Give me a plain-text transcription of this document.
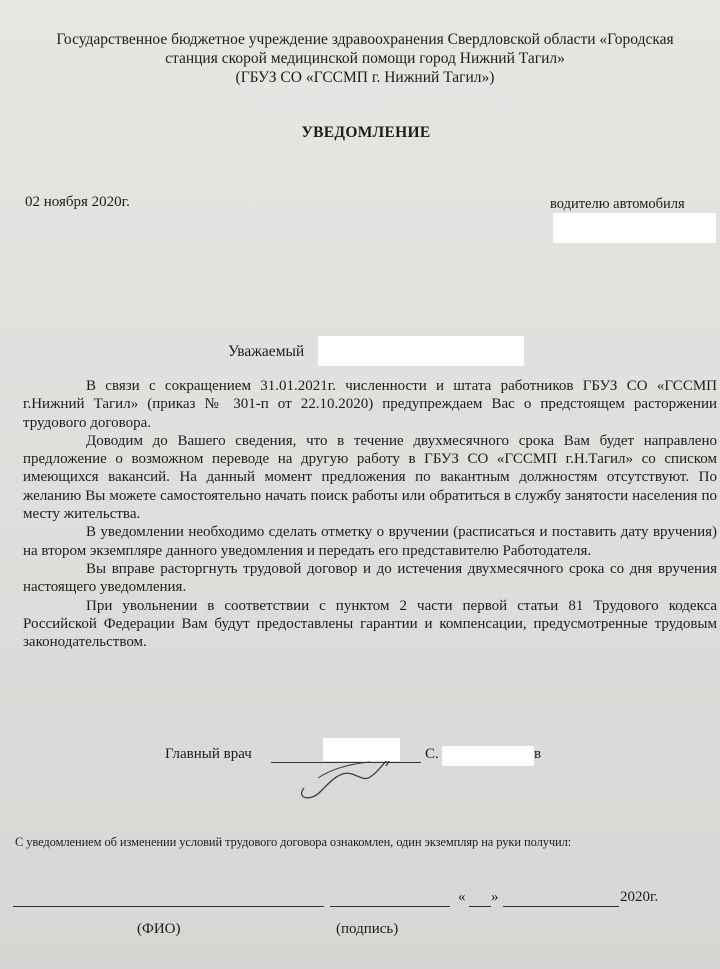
Государственное бюджетное учреждение здравоохранения Свердловской области «Городская
станция скорой медицинской помощи город Нижний Тагил»
(ГБУЗ СО «ГССМП г. Нижний Тагил»)
УВЕДОМЛЕНИЕ
02 ноября 2020г.	водителю автомобиля
Уважаемый

В связи с сокращением 31.01.2021г. численности и штата работников ГБУЗ СО «ГССМП г.Нижний Тагил» (приказ № 301-п от 22.10.2020) предупреждаем Вас о предстоящем расторжении трудового договора.

Доводим до Вашего сведения, что в течение двухмесячного срока Вам будет направлено предложение о возможном переводе на другую работу в ГБУЗ СО «ГССМП г.Н.Тагил» со списком имеющихся вакансий. На данный момент предложения по вакантным должностям отсутствуют. По желанию Вы можете самостоятельно начать поиск работы или обратиться в службу занятости населения по месту жительства.

В уведомлении необходимо сделать отметку о вручении (расписаться и поставить дату вручения) на втором экземпляре данного уведомления и передать его представителю Работодателя.

Вы вправе расторгнуть трудовой договор и до истечения двухмесячного срока со дня вручения настоящего уведомления.

При увольнении в соответствии с пунктом 2 части первой статьи 81 Трудового кодекса Российской Федерации Вам будут предоставлены гарантии и компенсации, предусмотренные трудовым законодательством.

Главный врач	С.	в
С уведомлением об изменении условий трудового договора ознакомлен, один экземпляр на руки получил:
« »	2020г.
(ФИО)	(подпись)
